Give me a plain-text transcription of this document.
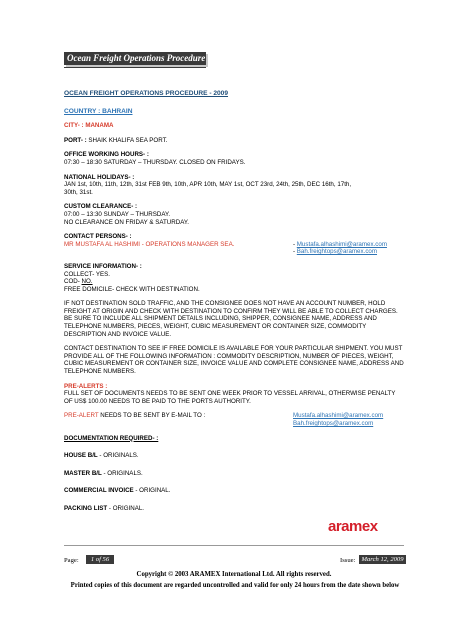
Ocean Freight Operations Procedure
OCEAN FREIGHT OPERATIONS PROCEDURE - 2009
COUNTRY : BAHRAIN
CITY- : MANAMA
PORT- : SHAIK KHALIFA SEA PORT.
OFFICE WORKING HOURS- :
07:30 – 18:30 SATURDAY – THURSDAY. CLOSED ON FRIDAYS.
NATIONAL HOLIDAYS- :
JAN 1st, 10th, 11th, 12th, 31st FEB 9th, 10th, APR 10th, MAY 1st, OCT 23rd, 24th, 25th, DEC 16th, 17th,
30th, 31st.
CUSTOM CLEARANCE- :
07:00 – 13:30 SUNDAY – THURSDAY.
NO CLEARANCE ON FRIDAY & SATURDAY.
CONTACT PERSONS- :
MR MUSTAFA AL HASHIMI - OPERATIONS MANAGER SEA.	- Mustafa.alhashimi@aramex.com
- Bah.freightops@aramex.com
SERVICE INFORMATION- :
COLLECT- YES.
COD- NO.
FREE DOMICILE- CHECK WITH DESTINATION.
IF NOT DESTINATION SOLD TRAFFIC, AND THE CONSIGNEE DOES NOT HAVE AN ACCOUNT NUMBER, HOLD FREIGHT AT ORIGIN AND CHECK WITH DESTINATION TO CONFIRM THEY WILL BE ABLE TO COLLECT CHARGES. BE SURE TO INCLUDE ALL SHIPMENT DETAILS INCLUDING, SHIPPER, CONSIGNEE NAME, ADDRESS AND TELEPHONE NUMBERS, PIECES, WEIGHT, CUBIC MEASUREMENT OR CONTAINER SIZE, COMMODITY DESCRIPTION AND INVOICE VALUE.
CONTACT DESTINATION TO SEE IF FREE DOMICILE IS AVAILABLE FOR YOUR PARTICULAR SHIPMENT. YOU MUST PROVIDE ALL OF THE FOLLOWING INFORMATION : COMMODITY DESCRIPTION, NUMBER OF PIECES, WEIGHT, CUBIC MEASUREMENT OR CONTAINER SIZE, INVOICE VALUE AND COMPLETE CONSIGNEE NAME, ADDRESS AND TELEPHONE NUMBERS.
PRE-ALERTS :
FULL SET OF DOCUMENTS NEEDS TO BE SENT ONE WEEK PRIOR TO VESSEL ARRIVAL, OTHERWISE PENALTY OF US$ 100.00 NEEDS TO BE PAID TO THE PORTS AUTHORITY.
PRE-ALERT NEEDS TO BE SENT BY E-MAIL TO :	Mustafa.alhashimi@aramex.com
Bah.freightops@aramex.com
DOCUMENTATION REQUIRED- :
HOUSE B/L - ORIGINALS.
MASTER B/L - ORIGINALS.
COMMERCIAL INVOICE - ORIGINAL.
PACKING LIST - ORIGINAL.
aramex
Page:	1 of 56	Issue: March 12, 2009
Copyright © 2003 ARAMEX International Ltd. All rights reserved.
Printed copies of this document are regarded uncontrolled and valid for only 24 hours from the date shown below
